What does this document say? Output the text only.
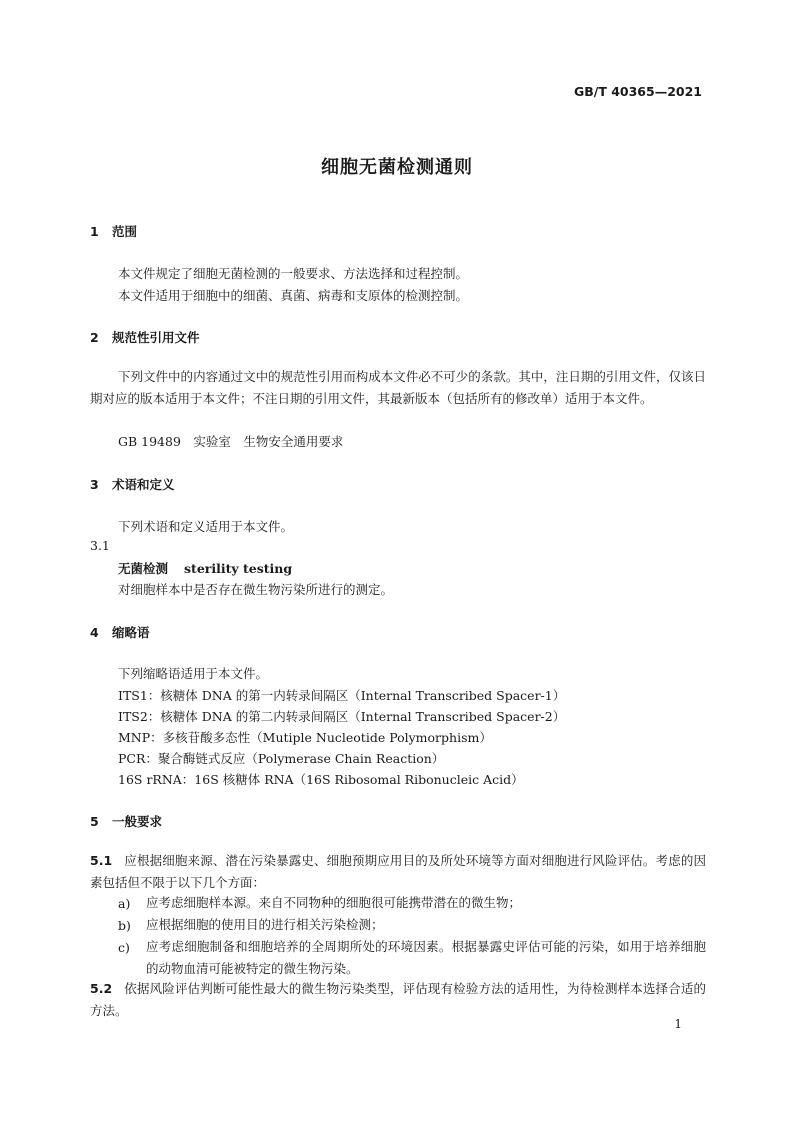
GB/T 40365—2021
细胞无菌检测通则
1 范围
本文件规定了细胞无菌检测的一般要求、方法选择和过程控制。
本文件适用于细胞中的细菌、真菌、病毒和支原体的检测控制。
2 规范性引用文件
下列文件中的内容通过文中的规范性引用而构成本文件必不可少的条款。其中，注日期的引用文件，仅该日期对应的版本适用于本文件；不注日期的引用文件，其最新版本（包括所有的修改单）适用于本文件。
GB 19489　实验室　生物安全通用要求
3 术语和定义
下列术语和定义适用于本文件。
3.1
无菌检测 sterility testing
对细胞样本中是否存在微生物污染所进行的测定。
4 缩略语
下列缩略语适用于本文件。
ITS1：核糖体 DNA 的第一内转录间隔区（Internal Transcribed Spacer-1）
ITS2：核糖体 DNA 的第二内转录间隔区（Internal Transcribed Spacer-2）
MNP：多核苷酸多态性（Mutiple Nucleotide Polymorphism）
PCR：聚合酶链式反应（Polymerase Chain Reaction）
16S rRNA：16S 核糖体 RNA（16S Ribosomal Ribonucleic Acid）
5 一般要求
5.1 应根据细胞来源、潜在污染暴露史、细胞预期应用目的及所处环境等方面对细胞进行风险评估。考虑的因素包括但不限于以下几个方面：
a) 应考虑细胞样本源。来自不同物种的细胞很可能携带潜在的微生物；
b) 应根据细胞的使用目的进行相关污染检测；
c) 应考虑细胞制备和细胞培养的全周期所处的环境因素。根据暴露史评估可能的污染，如用于培养细胞的动物血清可能被特定的微生物污染。
5.2 依据风险评估判断可能性最大的微生物污染类型，评估现有检验方法的适用性，为待检测样本选择合适的方法。
1
